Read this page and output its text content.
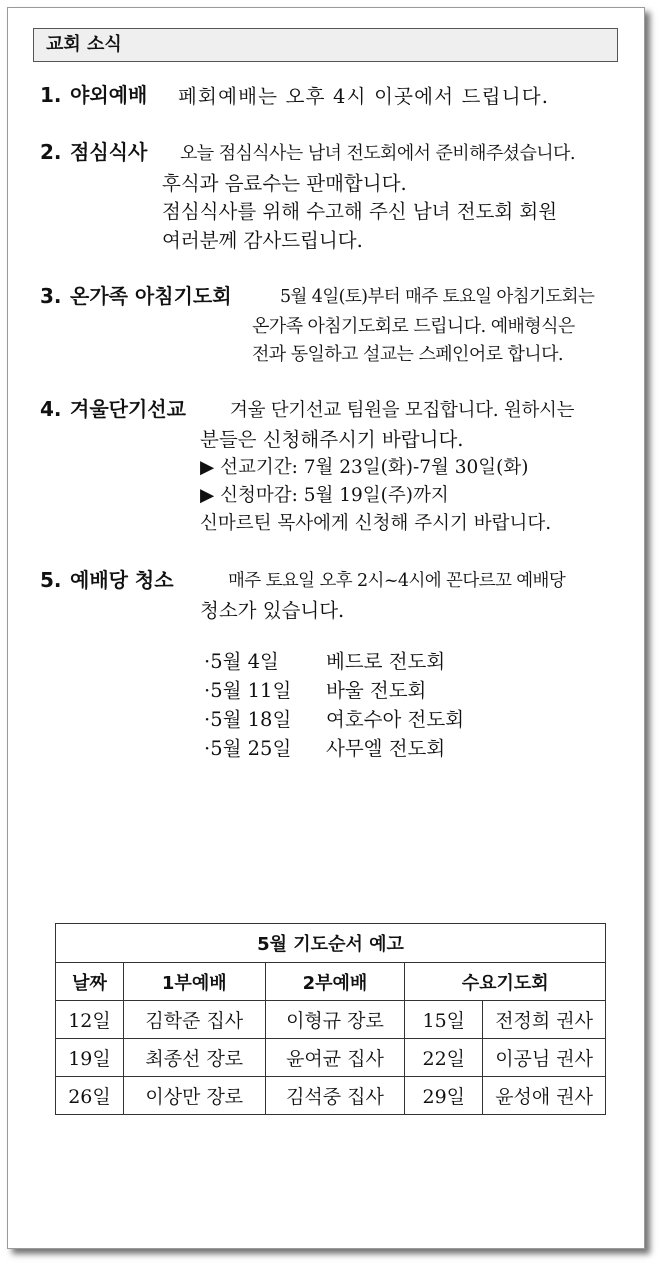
교회 소식
1. 야외예배 페회예배는 오후 4시 이곳에서 드립니다.
2. 점심식사 오늘 점심식사는 남녀 전도회에서 준비해주셨습니다.
후식과 음료수는 판매합니다.
점심식사를 위해 수고해 주신 남녀 전도회 회원
여러분께 감사드립니다.
3. 온가족 아침기도회	5월 4일(토)부터 매주 토요일 아침기도회는
온가족 아침기도회로 드립니다. 예배형식은
전과 동일하고 설교는 스페인어로 합니다.
4. 겨울단기선교 겨울 단기선교 팀원을 모집합니다. 원하시는
분들은 신청해주시기 바랍니다.
▶ 선교기간: 7월 23일(화)-7월 30일(화)
▶ 신청마감: 5월 19일(주)까지
신마르틴 목사에게 신청해 주시기 바랍니다.
5. 예배당 청소	매주 토요일 오후 2시~4시에 꼰다르꼬 예배당
청소가 있습니다.
·5월 4일 베드로 전도회
·5월 11일 바울 전도회
·5월 18일 여호수아 전도회
·5월 25일 사무엘 전도회
5월 기도순서 예고				
날짜	1부예배	2부예배	수요기도회	
12일	김학준 집사	이형규 장로	15일	전정희 권사
19일	최종선 장로	윤여균 집사	22일	이공님 권사
26일	이상만 장로	김석중 집사	29일	윤성애 권사
